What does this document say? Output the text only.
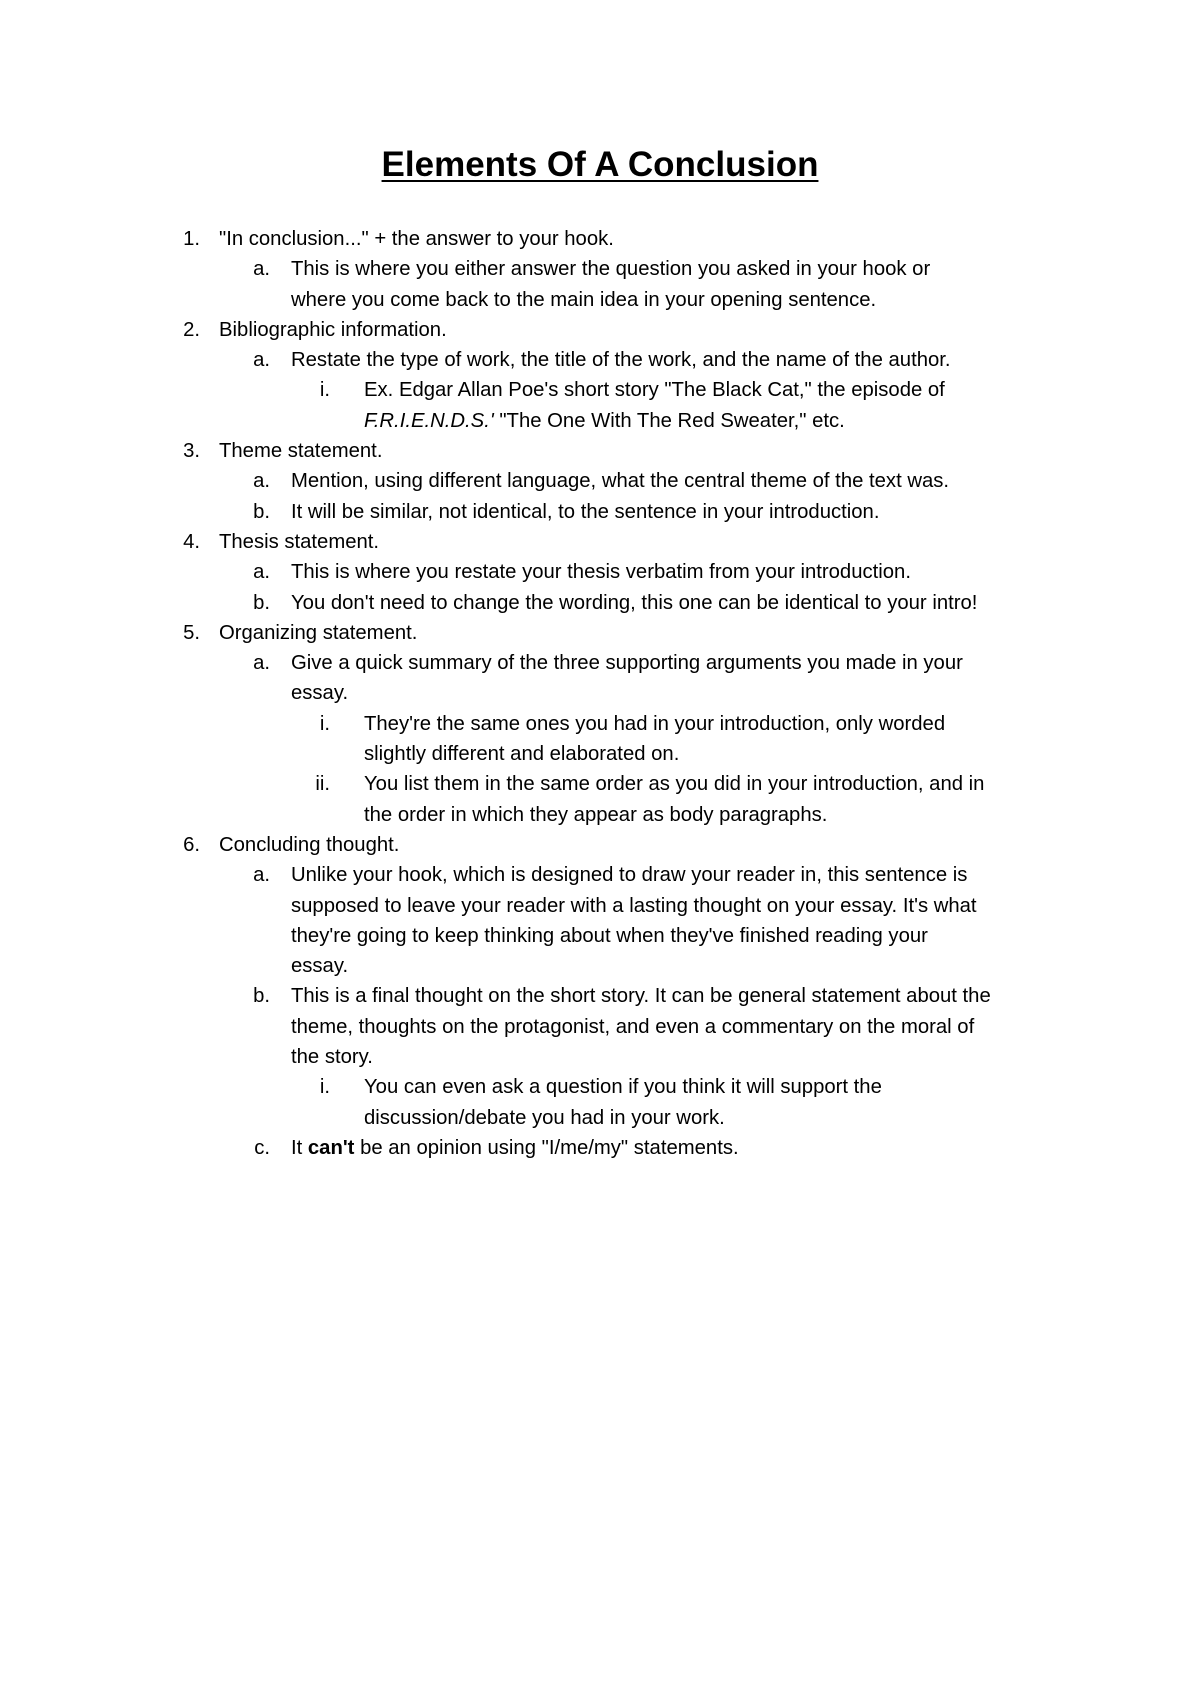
Elements Of A Conclusion
1. "In conclusion..." + the answer to your hook.
a. This is where you either answer the question you asked in your hook or
where you come back to the main idea in your opening sentence.
2. Bibliographic information.
a. Restate the type of work, the title of the work, and the name of the author.
i. Ex. Edgar Allan Poe's short story "The Black Cat," the episode of
F.R.I.E.N.D.S.' "The One With The Red Sweater," etc.
3. Theme statement.
a. Mention, using different language, what the central theme of the text was.
b. It will be similar, not identical, to the sentence in your introduction.
4. Thesis statement.
a. This is where you restate your thesis verbatim from your introduction.
b. You don't need to change the wording, this one can be identical to your intro!
5. Organizing statement.
a. Give a quick summary of the three supporting arguments you made in your
essay.
i. They're the same ones you had in your introduction, only worded
slightly different and elaborated on.
ii. You list them in the same order as you did in your introduction, and in
the order in which they appear as body paragraphs.
6. Concluding thought.
a. Unlike your hook, which is designed to draw your reader in, this sentence is
supposed to leave your reader with a lasting thought on your essay. It's what
they're going to keep thinking about when they've finished reading your
essay.
b. This is a final thought on the short story. It can be general statement about the
theme, thoughts on the protagonist, and even a commentary on the moral of
the story.
i. You can even ask a question if you think it will support the
discussion/debate you had in your work.
c. It can't be an opinion using "I/me/my" statements.
